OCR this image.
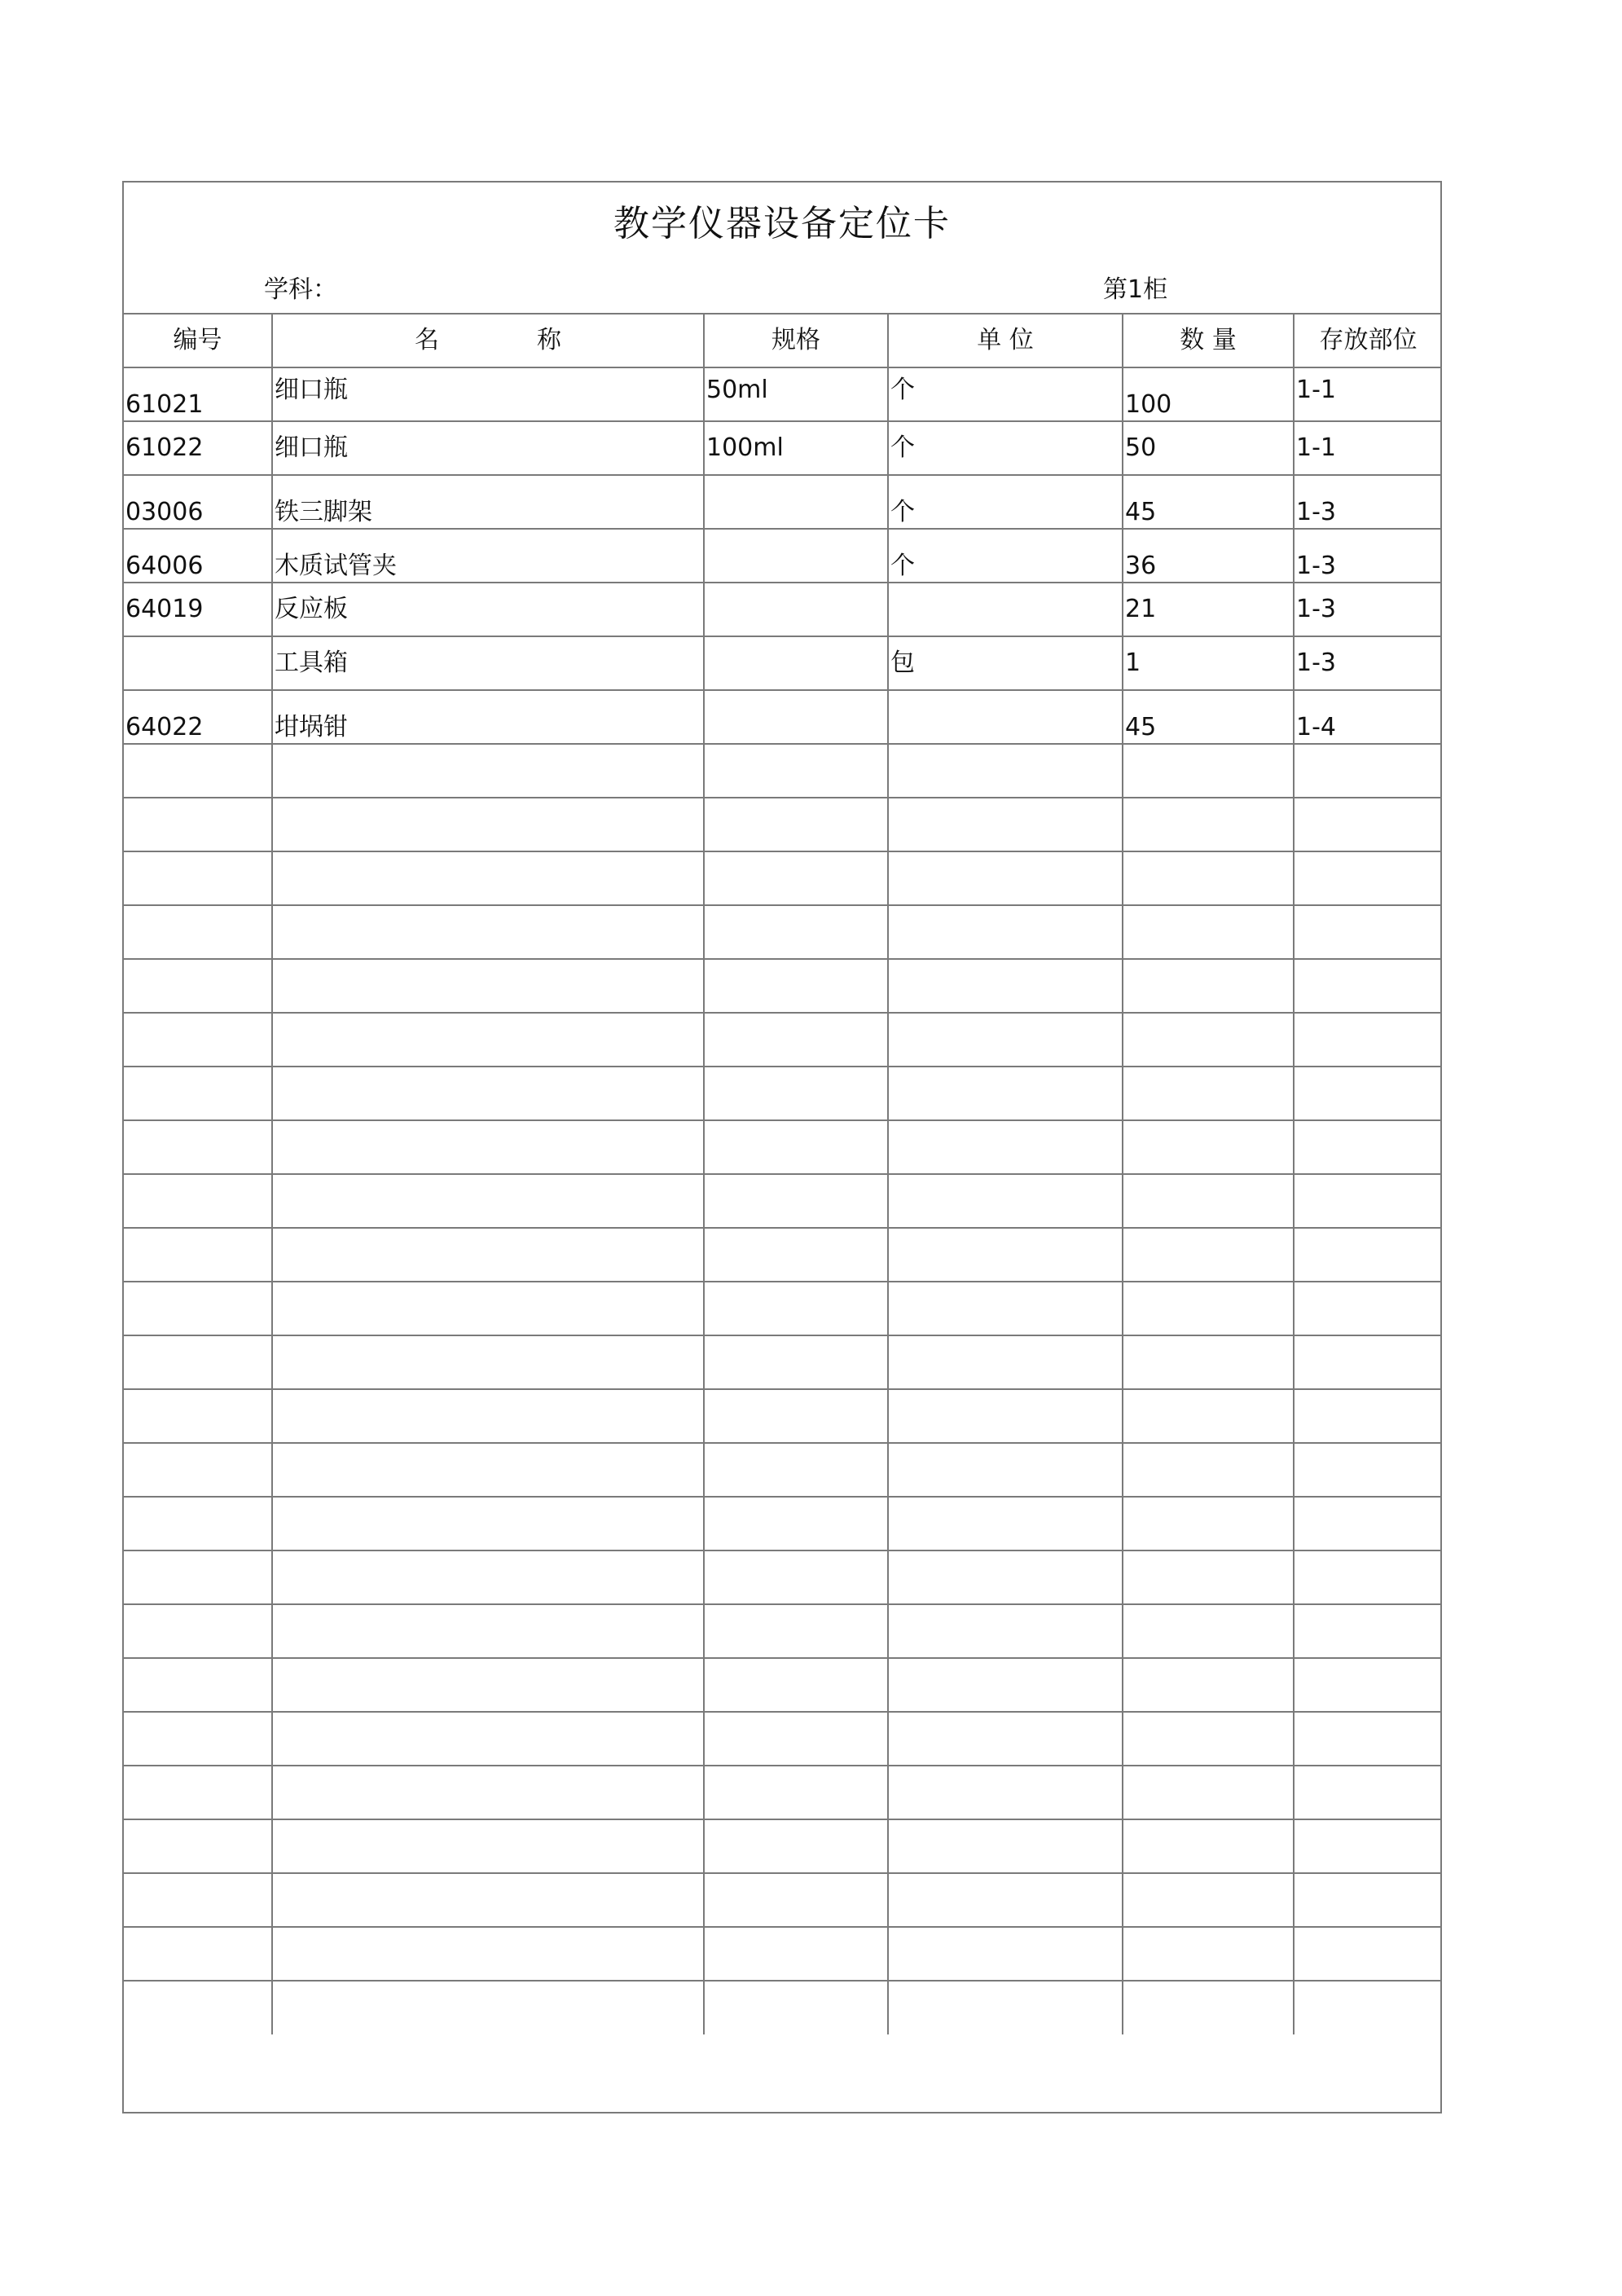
教学仪器设备定位卡
学科：	第1柜
编号	名　　　　称	规格	单 位	数 量	存放部位
61021	细口瓶	50ml	个	100	1-1
61022	细口瓶	100ml	个	50	1-1
03006	铁三脚架		个	45	1-3
64006	木质试管夹		个	36	1-3
64019	反应板			21	1-3
	工具箱		包	1	1-3
64022	坩埚钳			45	1-4
